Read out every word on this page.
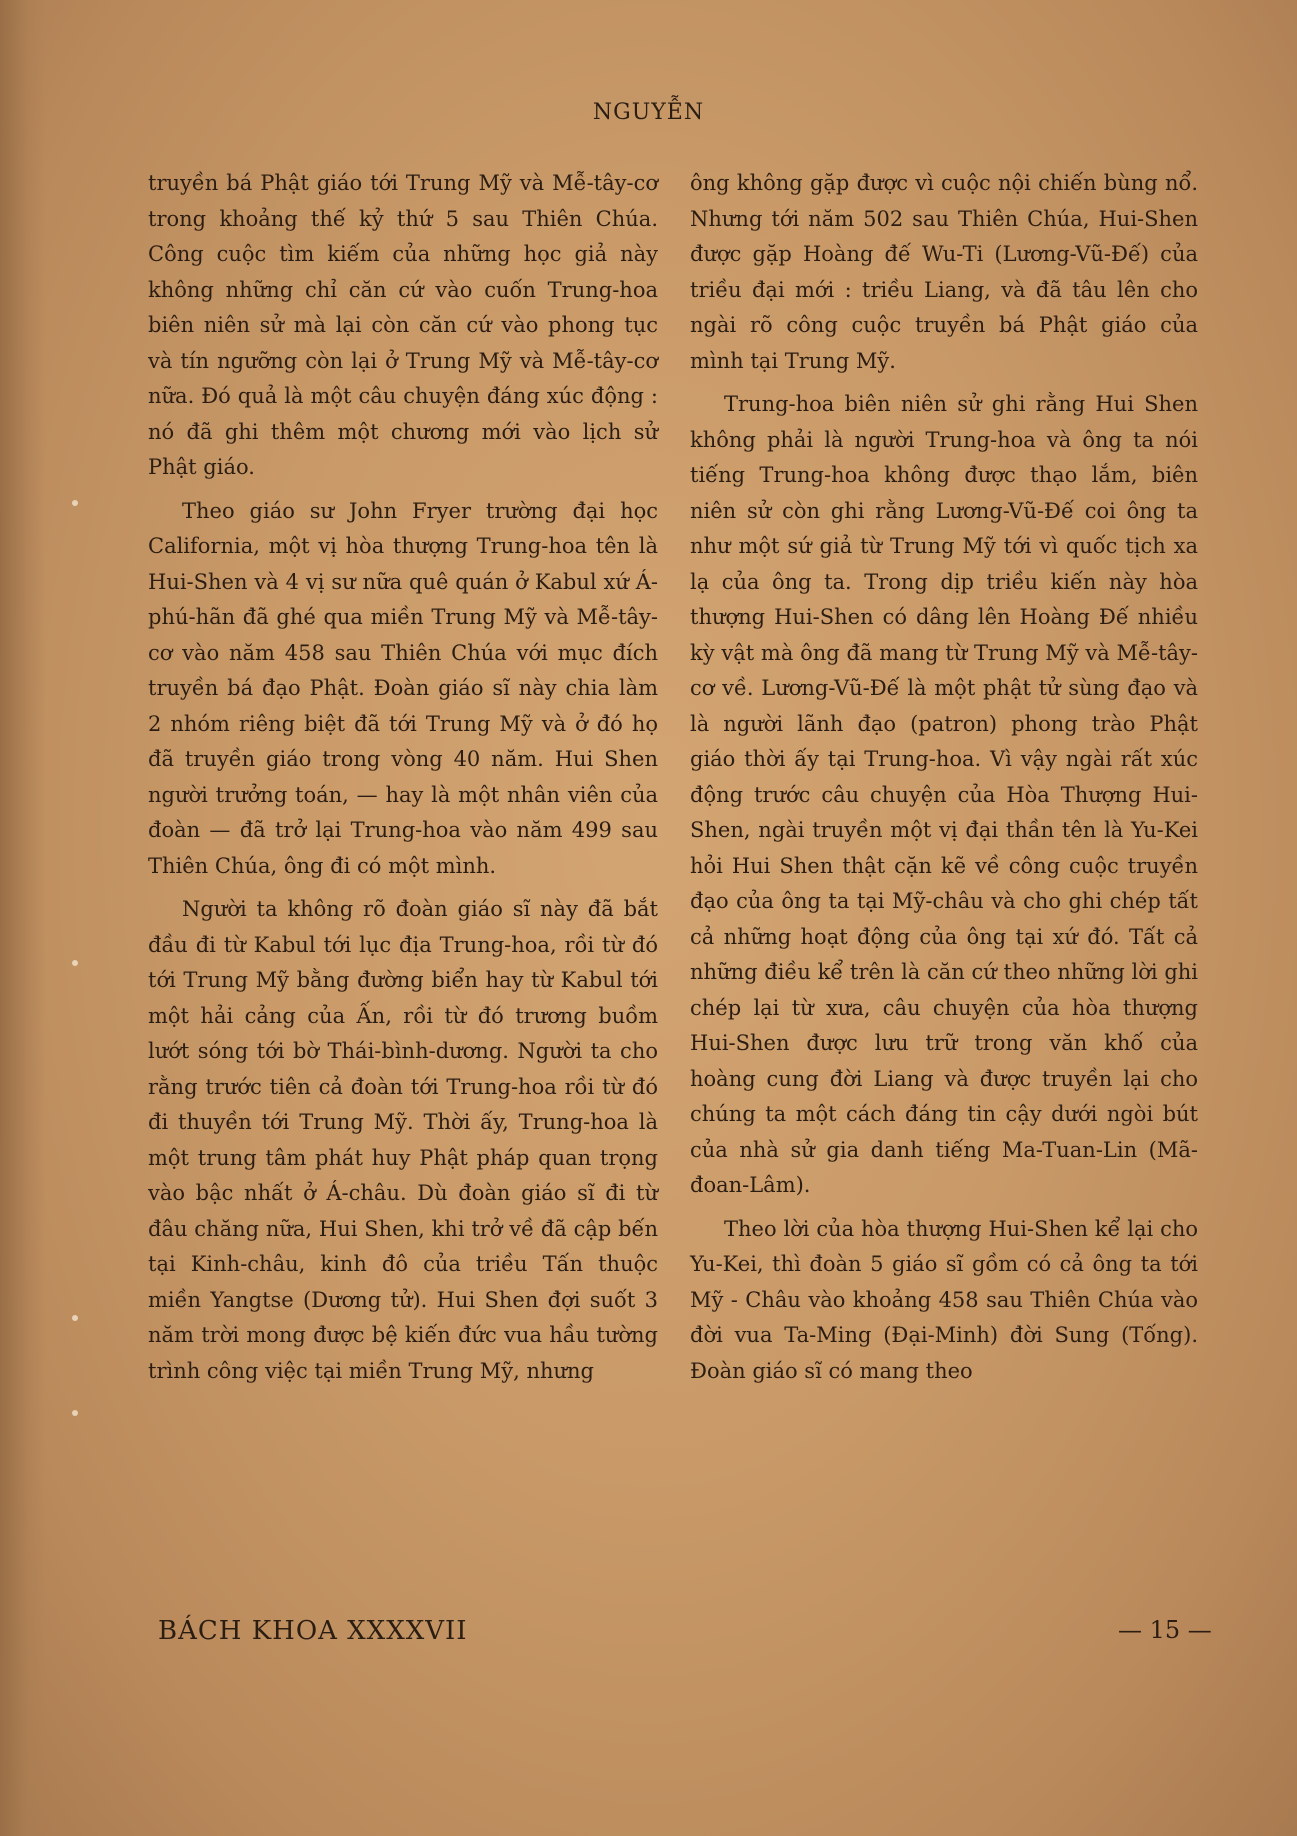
NGUYỄN

truyền bá Phật giáo tới Trung Mỹ và Mễ-tây-cơ trong khoảng thế kỷ thứ 5 sau Thiên Chúa. Công cuộc tìm kiếm của những học giả này không những chỉ căn cứ vào cuốn Trung-hoa biên niên sử mà lại còn căn cứ vào phong tục và tín ngưỡng còn lại ở Trung Mỹ và Mễ-tây-cơ nữa. Đó quả là một câu chuyện đáng xúc động : nó đã ghi thêm một chương mới vào lịch sử Phật giáo.

Theo giáo sư John Fryer trường đại học California, một vị hòa thượng Trung-hoa tên là Hui-Shen và 4 vị sư nữa quê quán ở Kabul xứ Á-phú-hãn đã ghé qua miền Trung Mỹ và Mễ-tây-cơ vào năm 458 sau Thiên Chúa với mục đích truyền bá đạo Phật. Đoàn giáo sĩ này chia làm 2 nhóm riêng biệt đã tới Trung Mỹ và ở đó họ đã truyền giáo trong vòng 40 năm. Hui Shen người trưởng toán, — hay là một nhân viên của đoàn — đã trở lại Trung-hoa vào năm 499 sau Thiên Chúa, ông đi có một mình.

Người ta không rõ đoàn giáo sĩ này đã bắt đầu đi từ Kabul tới lục địa Trung-hoa, rồi từ đó tới Trung Mỹ bằng đường biển hay từ Kabul tới một hải cảng của Ấn, rồi từ đó trương buồm lướt sóng tới bờ Thái-bình-dương. Người ta cho rằng trước tiên cả đoàn tới Trung-hoa rồi từ đó đi thuyền tới Trung Mỹ. Thời ấy, Trung-hoa là một trung tâm phát huy Phật pháp quan trọng vào bậc nhất ở Á-châu. Dù đoàn giáo sĩ đi từ đâu chăng nữa, Hui Shen, khi trở về đã cập bến tại Kinh-châu, kinh đô của triều Tấn thuộc miền Yangtse (Dương tử). Hui Shen đợi suốt 3 năm trời mong được bệ kiến đức vua hầu tường trình công việc tại miền Trung Mỹ, nhưng

ông không gặp được vì cuộc nội chiến bùng nổ. Nhưng tới năm 502 sau Thiên Chúa, Hui-Shen được gặp Hoàng đế Wu-Ti (Lương-Vũ-Đế) của triều đại mới : triều Liang, và đã tâu lên cho ngài rõ công cuộc truyền bá Phật giáo của mình tại Trung Mỹ.

Trung-hoa biên niên sử ghi rằng Hui Shen không phải là người Trung-hoa và ông ta nói tiếng Trung-hoa không được thạo lắm, biên niên sử còn ghi rằng Lương-Vũ-Đế coi ông ta như một sứ giả từ Trung Mỹ tới vì quốc tịch xa lạ của ông ta. Trong dịp triều kiến này hòa thượng Hui-Shen có dâng lên Hoàng Đế nhiều kỳ vật mà ông đã mang từ Trung Mỹ và Mễ-tây-cơ về. Lương-Vũ-Đế là một phật tử sùng đạo và là người lãnh đạo (patron) phong trào Phật giáo thời ấy tại Trung-hoa. Vì vậy ngài rất xúc động trước câu chuyện của Hòa Thượng Hui-Shen, ngài truyền một vị đại thần tên là Yu-Kei hỏi Hui Shen thật cặn kẽ về công cuộc truyền đạo của ông ta tại Mỹ-châu và cho ghi chép tất cả những hoạt động của ông tại xứ đó. Tất cả những điều kể trên là căn cứ theo những lời ghi chép lại từ xưa, câu chuyện của hòa thượng Hui-Shen được lưu trữ trong văn khố của hoàng cung đời Liang và được truyền lại cho chúng ta một cách đáng tin cậy dưới ngòi bút của nhà sử gia danh tiếng Ma-Tuan-Lin (Mã-đoan-Lâm).

Theo lời của hòa thượng Hui-Shen kể lại cho Yu-Kei, thì đoàn 5 giáo sĩ gồm có cả ông ta tới Mỹ - Châu vào khoảng 458 sau Thiên Chúa vào đời vua Ta-Ming (Đại-Minh) đời Sung (Tống). Đoàn giáo sĩ có mang theo

BÁCH KHOA XXXXVII	— 15 —
